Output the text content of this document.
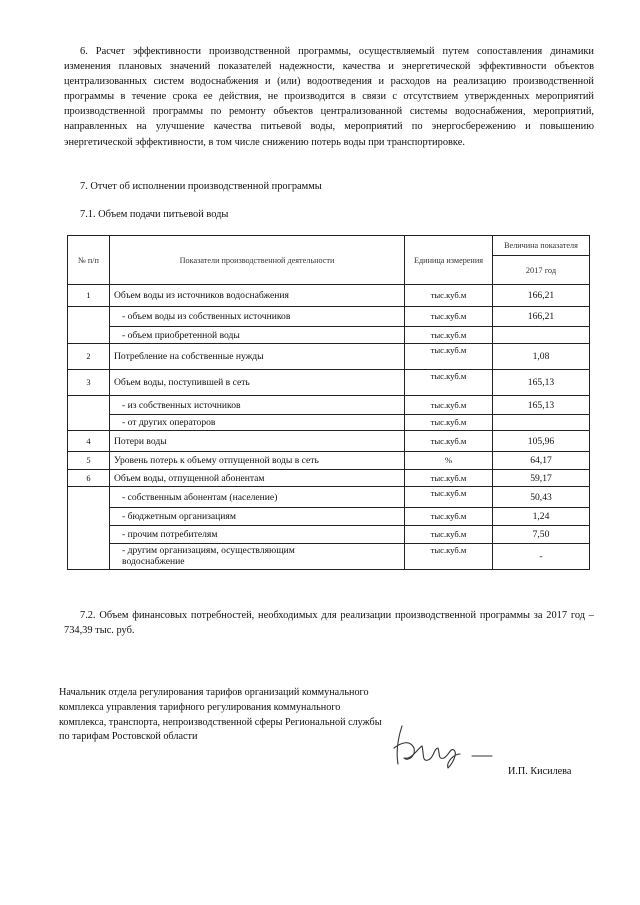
6. Расчет эффективности производственной программы, осуществляемый путем сопоставления динамики изменения плановых значений показателей надежности, качества и энергетической эффективности объектов централизованных систем водоснабжения и (или) водоотведения и расходов на реализацию производственной программы в течение срока ее действия, не производится в связи с отсутствием утвержденных мероприятий производственной программы по ремонту объектов централизованной системы водоснабжения, мероприятий, направленных на улучшение качества питьевой воды, мероприятий по энергосбережению и повышению энергетической эффективности, в том числе снижению потерь воды при транспортировке.

7. Отчет об исполнении производственной программы

7.1. Объем подачи питьевой воды

№ п/п	Показатели производственной деятельности	Единица измерения	Величина показателя
			2017 год
1	Объем воды из источников водоснабжения	тыс.куб.м	166,21
	- объем воды из собственных источников	тыс.куб.м	166,21
	- объем приобретенной воды	тыс.куб.м	
2	Потребление на собственные нужды	тыс.куб.м	1,08
3	Объем воды, поступившей в сеть	тыс.куб.м	165,13
	- из собственных источников	тыс.куб.м	165,13
	- от других операторов	тыс.куб.м	
4	Потери воды	тыс.куб.м	105,96
5	Уровень потерь к объему отпущенной воды в сеть	%	64,17
6	Объем воды, отпущенной абонентам	тыс.куб.м	59,17
	- собственным абонентам (население)	тыс.куб.м	50,43
	- бюджетным организациям	тыс.куб.м	1,24
	- прочим потребителям	тыс.куб.м	7,50
	- другим организациям, осуществляющим водоснабжение	тыс.куб.м	-

7.2. Объем финансовых потребностей, необходимых для реализации производственной программы за 2017 год – 734,39 тыс. руб.

Начальник отдела регулирования тарифов организаций коммунального комплекса управления тарифного регулирования коммунального комплекса, транспорта, непроизводственной сферы Региональной службы по тарифам Ростовской области

И.П. Кисилева
